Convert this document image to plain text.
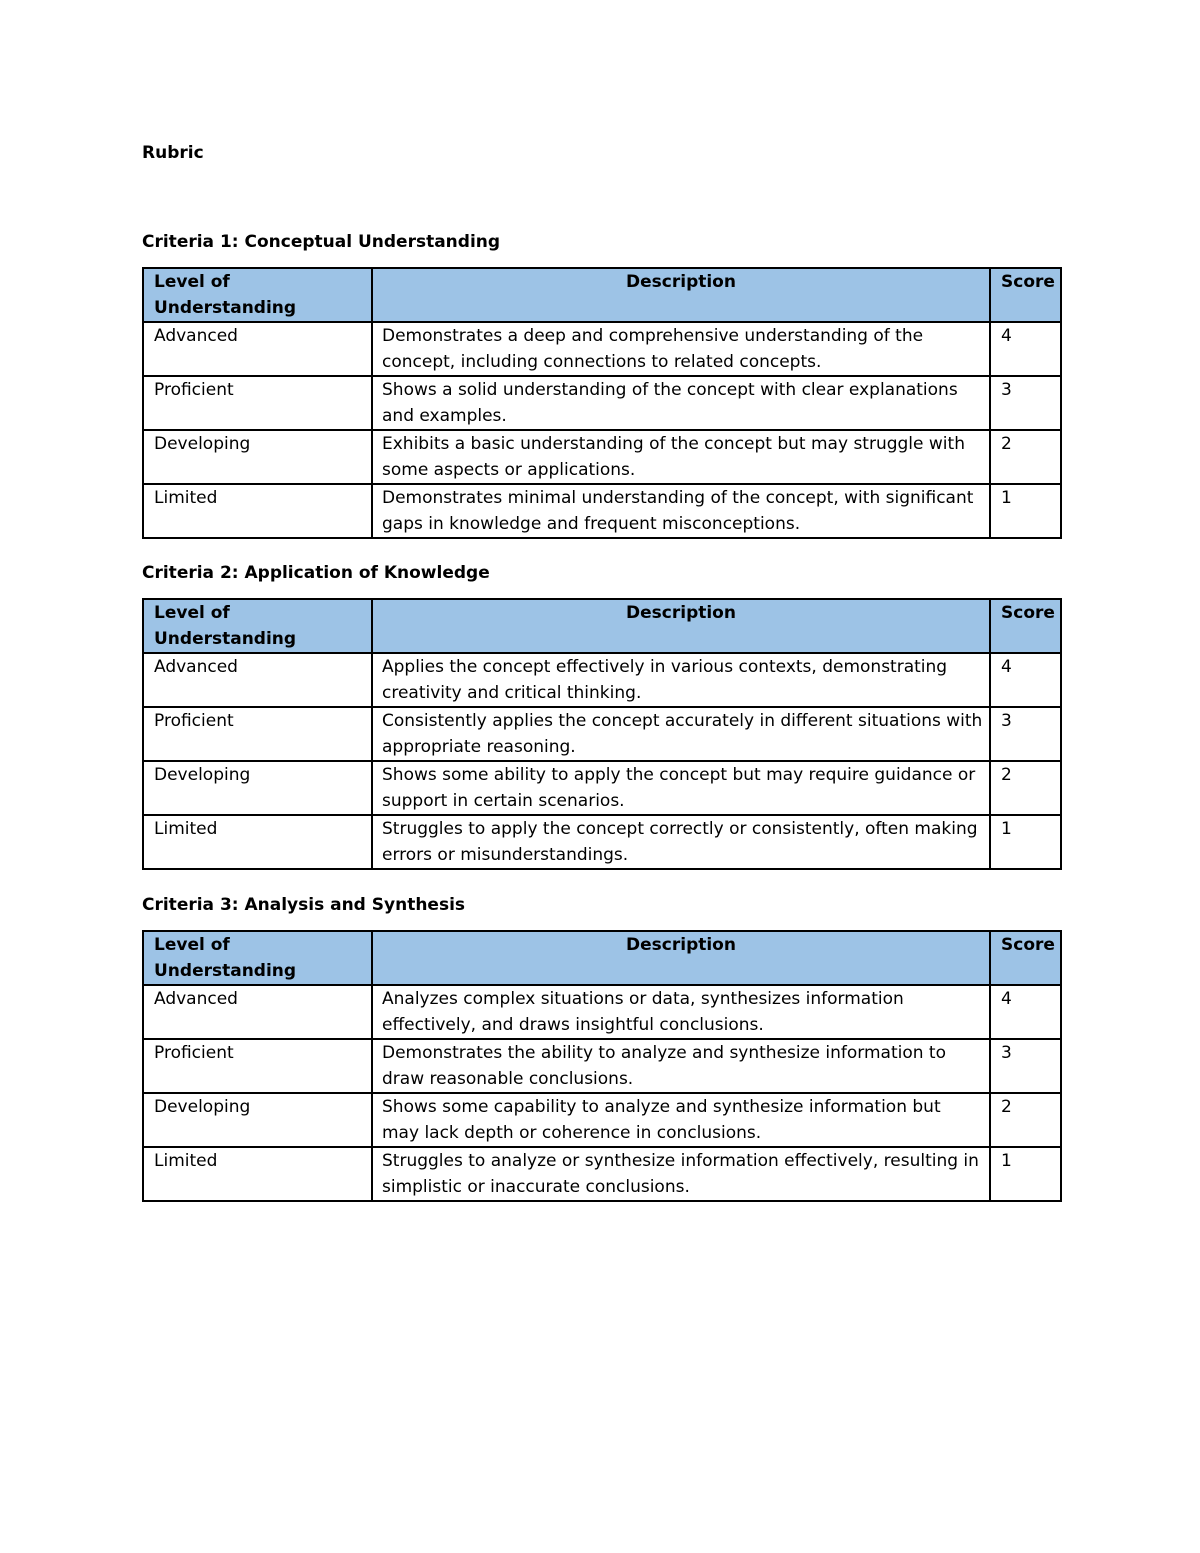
Rubric
Criteria 1: Conceptual Understanding
Level of Understanding	Description	Score
Advanced	Demonstrates a deep and comprehensive understanding of the concept, including connections to related concepts.	4
Proficient	Shows a solid understanding of the concept with clear explanations and examples.	3
Developing	Exhibits a basic understanding of the concept but may struggle with some aspects or applications.	2
Limited	Demonstrates minimal understanding of the concept, with significant gaps in knowledge and frequent misconceptions.	1
Criteria 2: Application of Knowledge
Level of Understanding	Description	Score
Advanced	Applies the concept effectively in various contexts, demonstrating creativity and critical thinking.	4
Proficient	Consistently applies the concept accurately in different situations with appropriate reasoning.	3
Developing	Shows some ability to apply the concept but may require guidance or support in certain scenarios.	2
Limited	Struggles to apply the concept correctly or consistently, often making errors or misunderstandings.	1
Criteria 3: Analysis and Synthesis
Level of Understanding	Description	Score
Advanced	Analyzes complex situations or data, synthesizes information effectively, and draws insightful conclusions.	4
Proficient	Demonstrates the ability to analyze and synthesize information to draw reasonable conclusions.	3
Developing	Shows some capability to analyze and synthesize information but may lack depth or coherence in conclusions.	2
Limited	Struggles to analyze or synthesize information effectively, resulting in simplistic or inaccurate conclusions.	1
